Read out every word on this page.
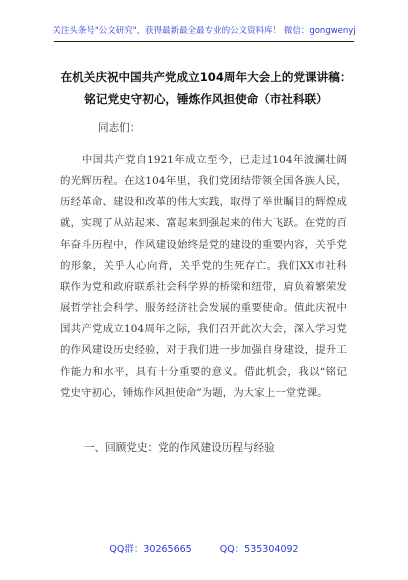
关注头条号"公文研究"，获得最新最全最专业的公文资料库！ 微信：gongwenyj
在机关庆祝中国共产党成立104周年大会上的党课讲稿：铭记党史守初心，锤炼作风担使命（市社科联）
同志们：
中国共产党自1921年成立至今，已走过104年波澜壮阔的光辉历程。在这104年里，我们党团结带领全国各族人民，历经革命、建设和改革的伟大实践，取得了举世瞩目的辉煌成就，实现了从站起来、富起来到强起来的伟大飞跃。在党的百年奋斗历程中，作风建设始终是党的建设的重要内容，关乎党的形象，关乎人心向背，关乎党的生死存亡。我们XX市社科联作为党和政府联系社会科学界的桥梁和纽带，肩负着繁荣发展哲学社会科学、服务经济社会发展的重要使命。值此庆祝中国共产党成立104周年之际，我们召开此次大会，深入学习党的作风建设历史经验，对于我们进一步加强自身建设，提升工作能力和水平，具有十分重要的意义。借此机会，我以“铭记党史守初心，锤炼作风担使命”为题，为大家上一堂党课。
一、回顾党史：党的作风建设历程与经验
QQ群：30265665	QQ：535304092
